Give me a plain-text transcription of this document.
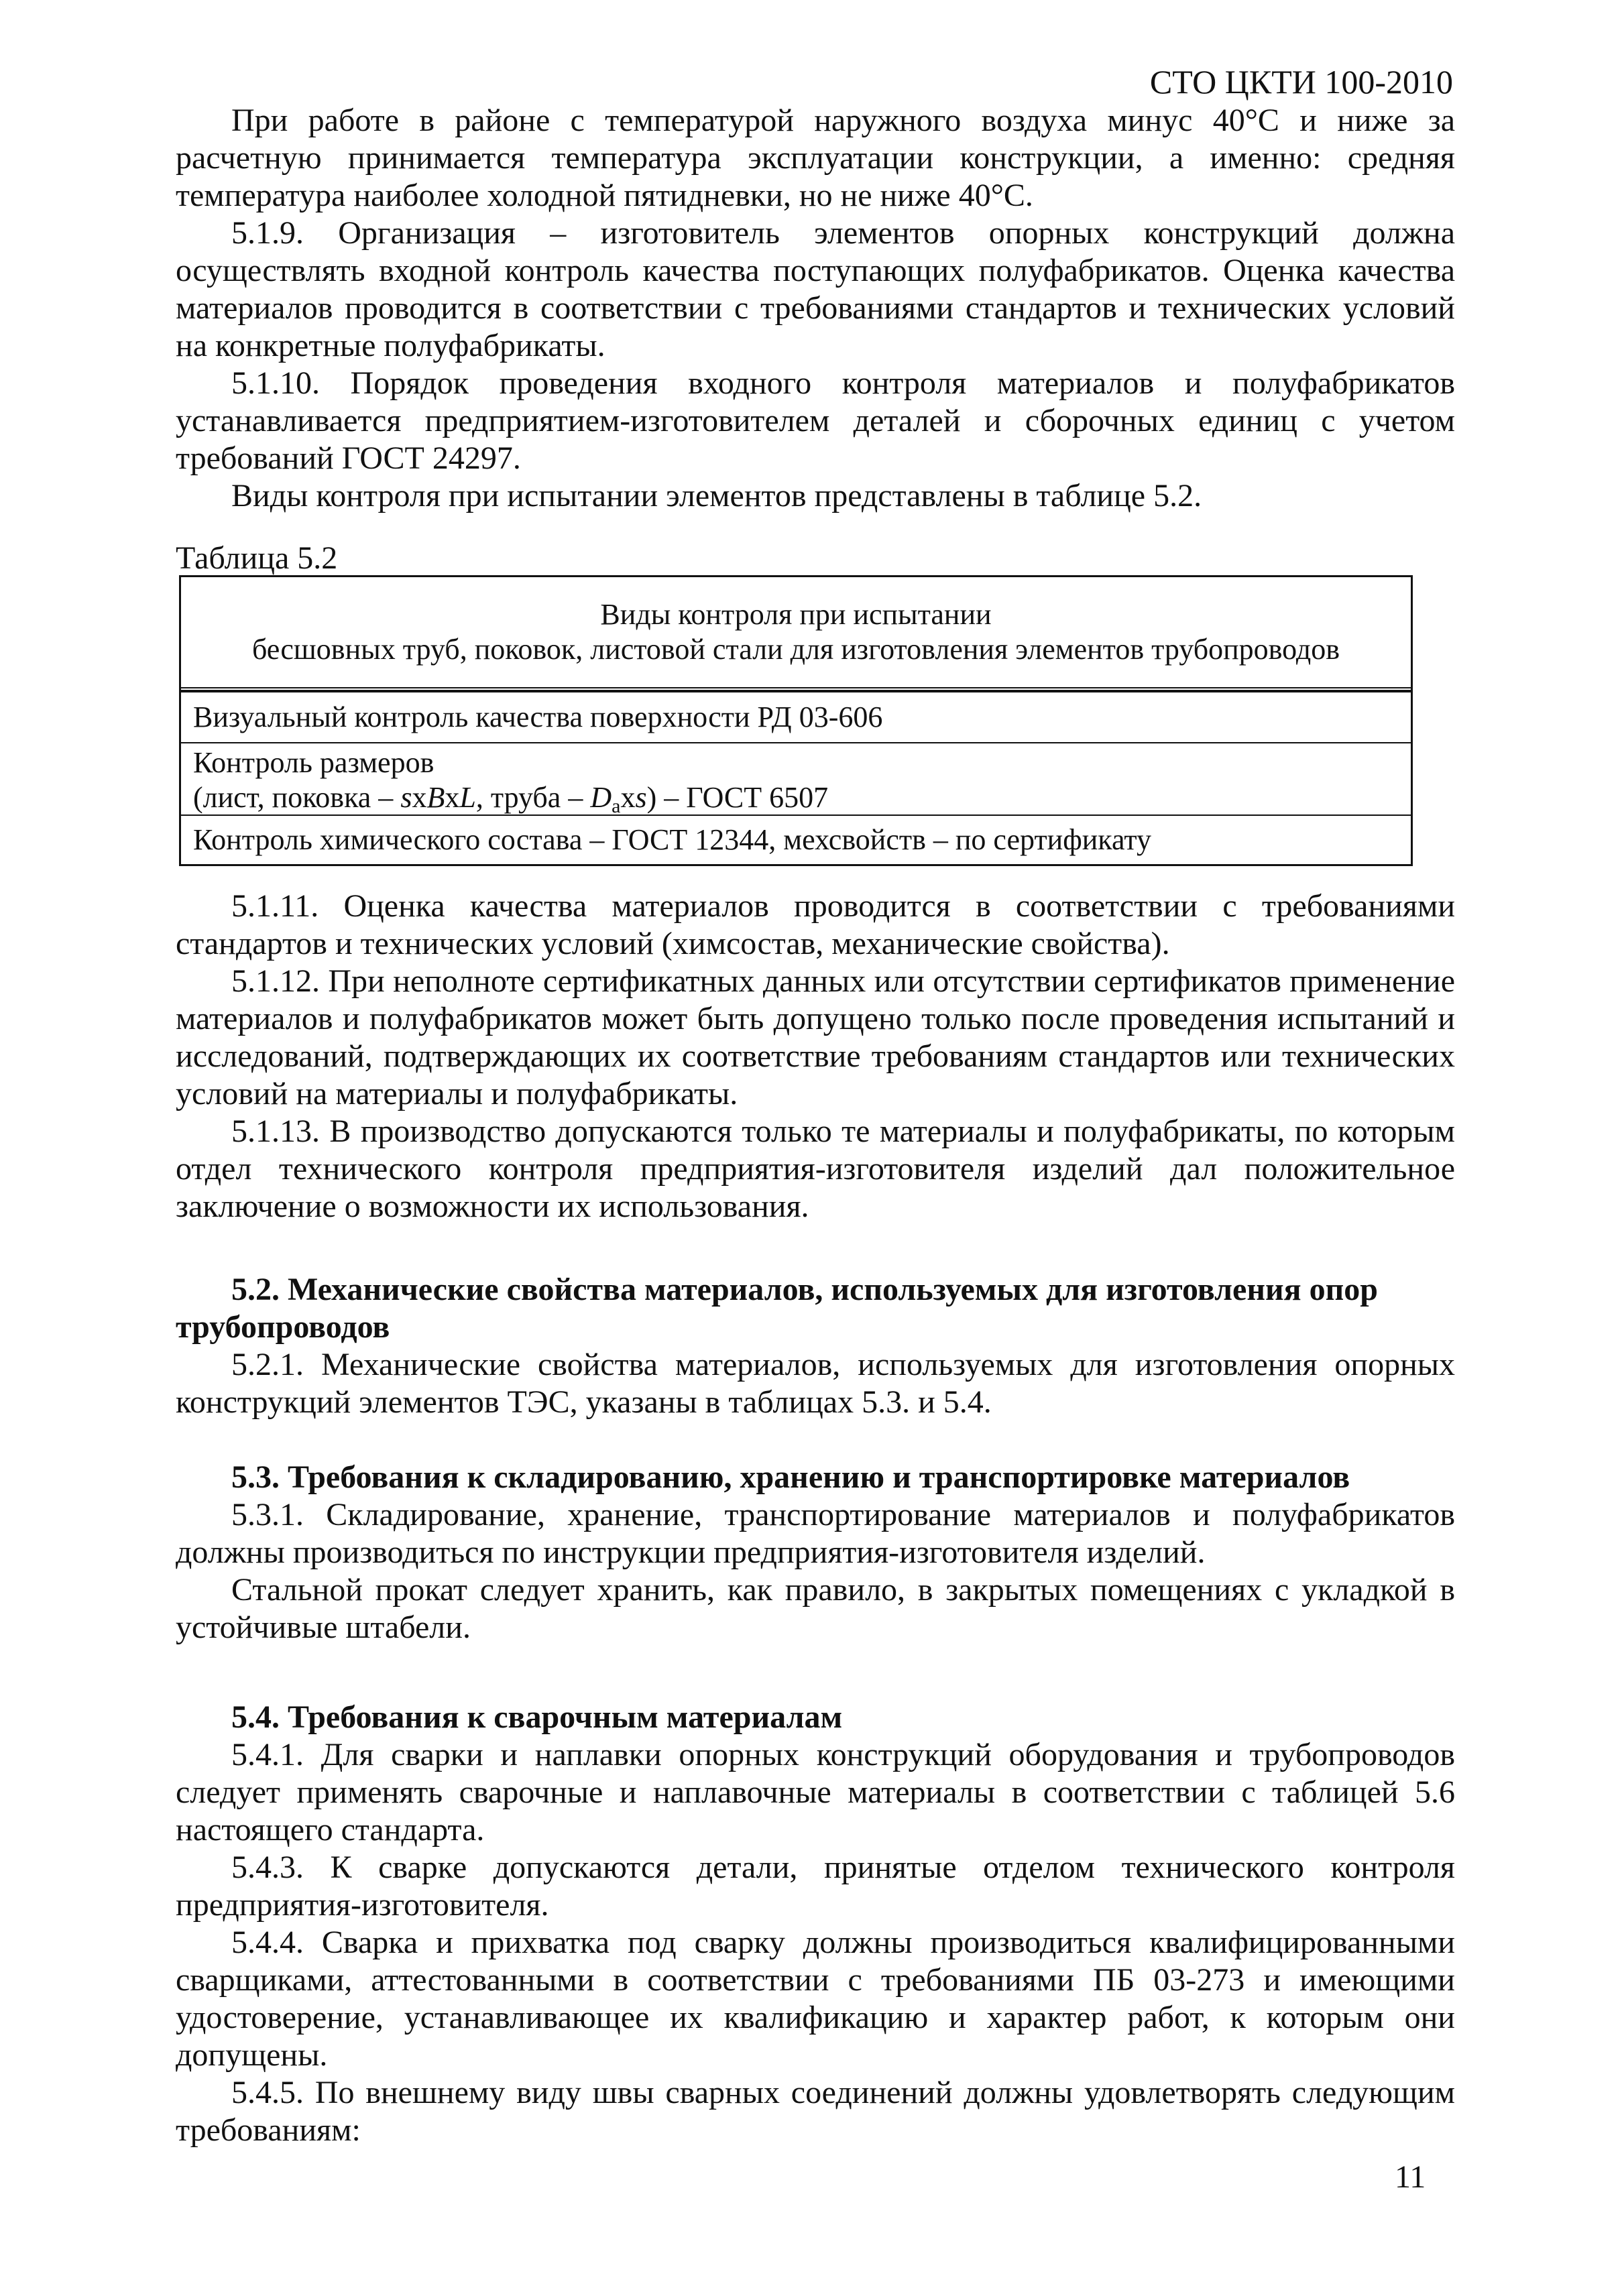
СТО ЦКТИ 100-2010

При работе в районе с температурой наружного воздуха минус 40°С и ниже за расчетную принимается температура эксплуатации конструкции, а именно: средняя температура наиболее холодной пятидневки, но не ниже 40°С.

5.1.9. Организация – изготовитель элементов опорных конструкций должна осуществлять входной контроль качества поступающих полуфабрикатов. Оценка качества материалов проводится в соответствии с требованиями стандартов и технических условий на конкретные полуфабрикаты.

5.1.10. Порядок проведения входного контроля материалов и полуфабрикатов устанавливается предприятием-изготовителем деталей и сборочных единиц с учетом требований ГОСТ 24297.

Виды контроля при испытании элементов представлены в таблице 5.2.

Таблица 5.2
Виды контроля при испытании
бесшовных труб, поковок, листовой стали для изготовления элементов трубопроводов
Визуальный контроль качества поверхности РД 03-606
Контроль размеров
(лист, поковка – sxBxL, труба – $D_axs$) – ГОСТ 6507
Контроль химического состава – ГОСТ 12344, мехсвойств – по сертификату

5.1.11. Оценка качества материалов проводится в соответствии с требованиями стандартов и технических условий (химсостав, механические свойства).

5.1.12. При неполноте сертификатных данных или отсутствии сертификатов применение материалов и полуфабрикатов может быть допущено только после проведения испытаний и исследований, подтверждающих их соответствие требованиям стандартов или технических условий на материалы и полуфабрикаты.

5.1.13. В производство допускаются только те материалы и полуфабрикаты, по которым отдел технического контроля предприятия-изготовителя изделий дал положительное заключение о возможности их использования.

5.2. Механические свойства материалов, используемых для изготовления опор трубопроводов

5.2.1. Механические свойства материалов, используемых для изготовления опорных конструкций элементов ТЭС, указаны в таблицах 5.3. и 5.4.

5.3. Требования к складированию, хранению и транспортировке материалов

5.3.1. Складирование, хранение, транспортирование материалов и полуфабрикатов должны производиться по инструкции предприятия-изготовителя изделий.

Стальной прокат следует хранить, как правило, в закрытых помещениях с укладкой в устойчивые штабели.

5.4. Требования к сварочным материалам

5.4.1. Для сварки и наплавки опорных конструкций оборудования и трубопроводов следует применять сварочные и наплавочные материалы в соответствии с таблицей 5.6 настоящего стандарта.

5.4.3. К сварке допускаются детали, принятые отделом технического контроля предприятия-изготовителя.

5.4.4. Сварка и прихватка под сварку должны производиться квалифицированными сварщиками, аттестованными в соответствии с требованиями ПБ 03-273 и имеющими удостоверение, устанавливающее их квалификацию и характер работ, к которым они допущены.

5.4.5. По внешнему виду швы сварных соединений должны удовлетворять следующим требованиям:

11
